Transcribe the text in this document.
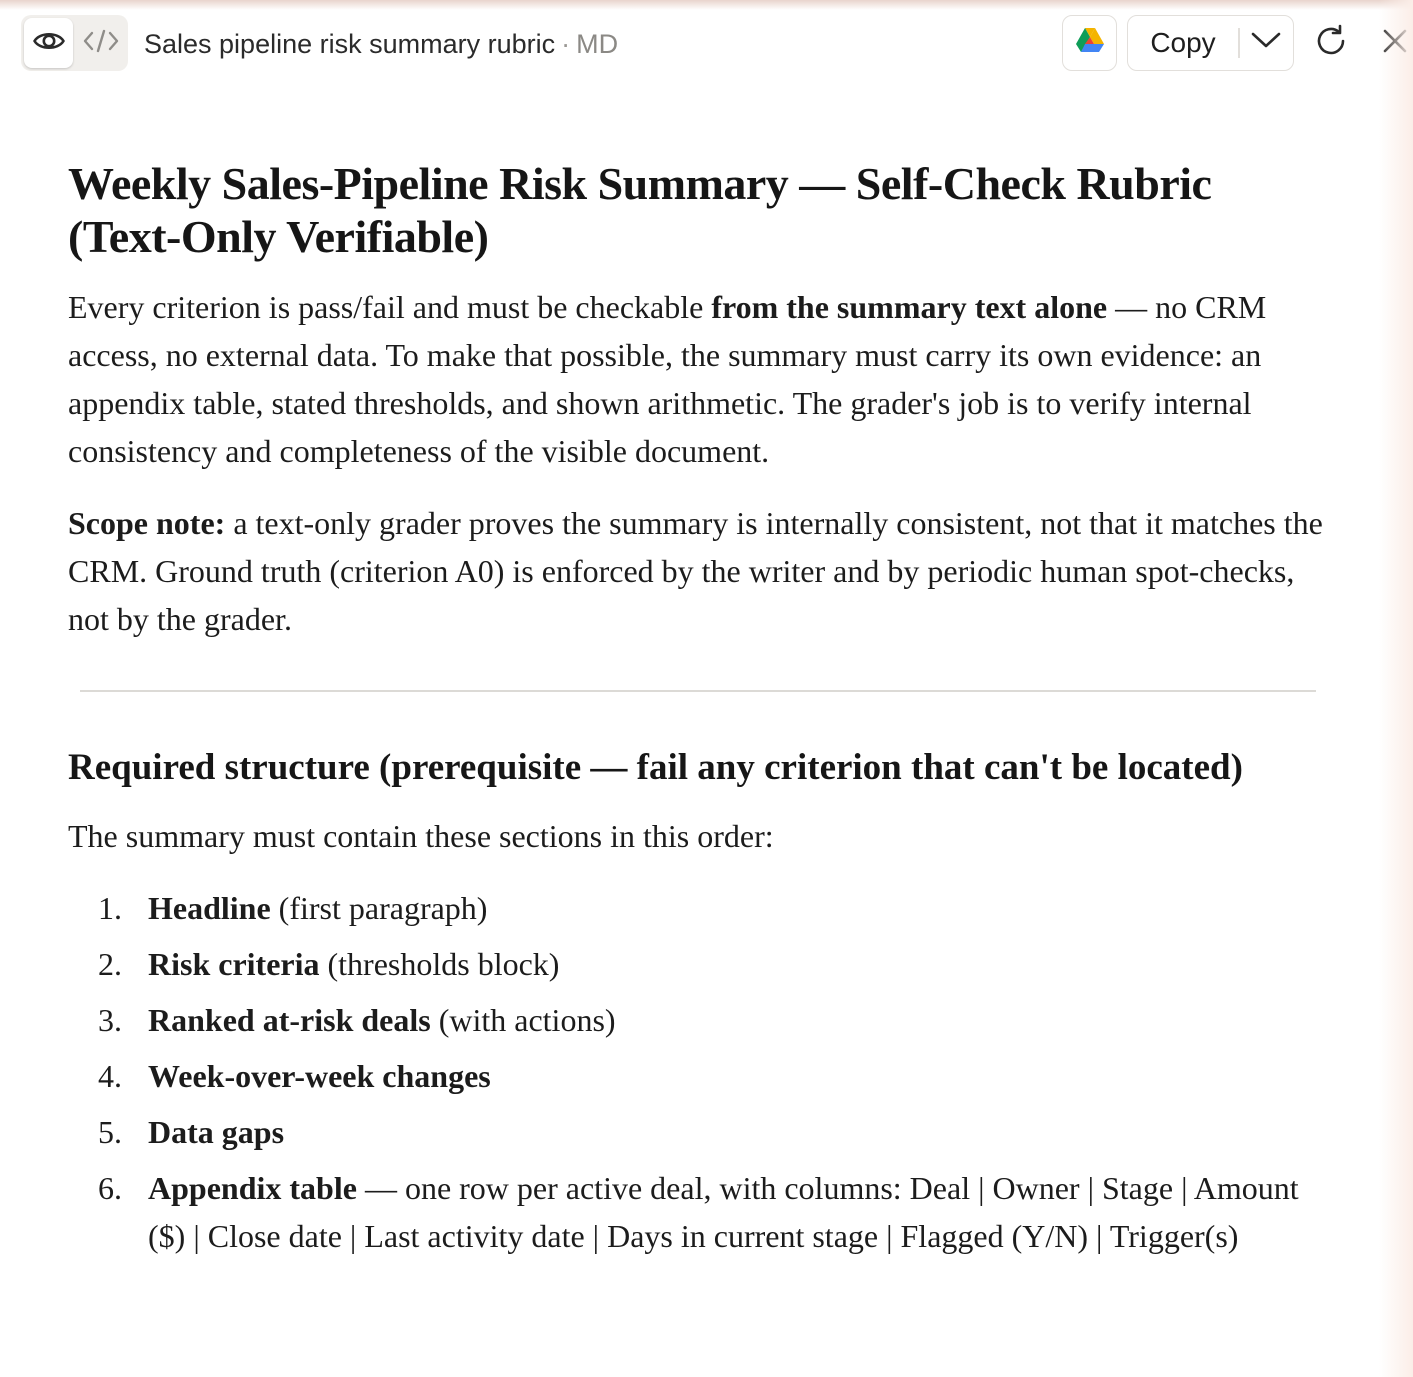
Sales pipeline risk summary rubric · MD	Copy
Weekly Sales-Pipeline Risk Summary — Self-Check Rubric (Text-Only Verifiable)

Every criterion is pass/fail and must be checkable from the summary text alone — no CRM access, no external data. To make that possible, the summary must carry its own evidence: an appendix table, stated thresholds, and shown arithmetic. The grader's job is to verify internal consistency and completeness of the visible document.

Scope note: a text-only grader proves the summary is internally consistent, not that it matches the CRM. Ground truth (criterion A0) is enforced by the writer and by periodic human spot-checks, not by the grader.

Required structure (prerequisite — fail any criterion that can't be located)

The summary must contain these sections in this order:

1. Headline (first paragraph)
2. Risk criteria (thresholds block)
3. Ranked at-risk deals (with actions)
4. Week-over-week changes
5. Data gaps
6. Appendix table — one row per active deal, with columns: Deal | Owner | Stage | Amount ($) | Close date | Last activity date | Days in current stage | Flagged (Y/N) | Trigger(s)
